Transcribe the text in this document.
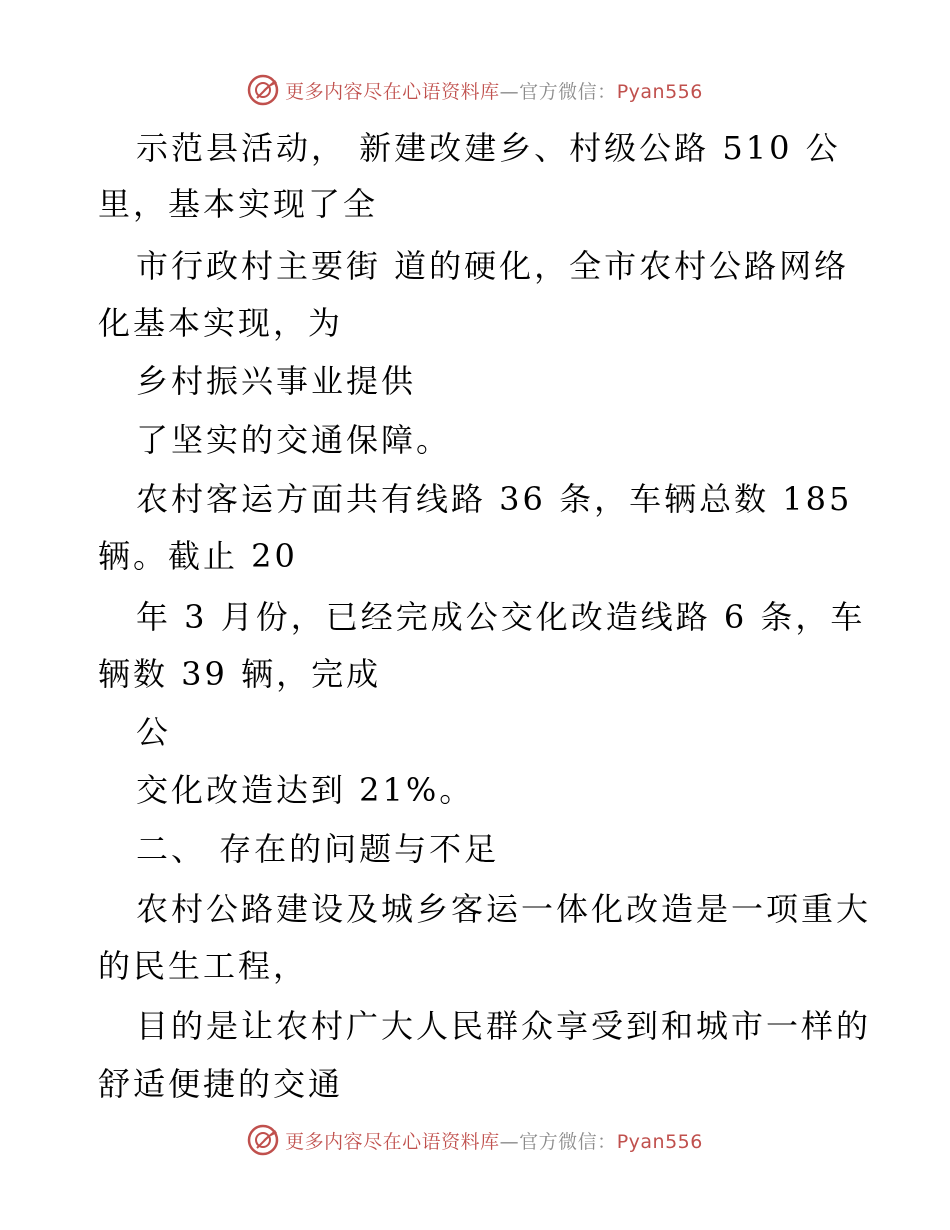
更多内容尽在心语资料库—官方微信：Pyan556
示范县活动， 新建改建乡、村级公路 510 公
里，基本实现了全
市行政村主要街 道的硬化，全市农村公路网络
化基本实现，为
乡村振兴事业提供
了坚实的交通保障。
农村客运方面共有线路 36 条，车辆总数 185
辆。截止 20
年 3 月份，已经完成公交化改造线路 6 条，车
辆数 39 辆，完成
公
交化改造达到 21%。
二、 存在的问题与不足
农村公路建设及城乡客运一体化改造是一项重大
的民生工程，
目的是让农村广大人民群众享受到和城市一样的
舒适便捷的交通
更多内容尽在心语资料库—官方微信：Pyan556
